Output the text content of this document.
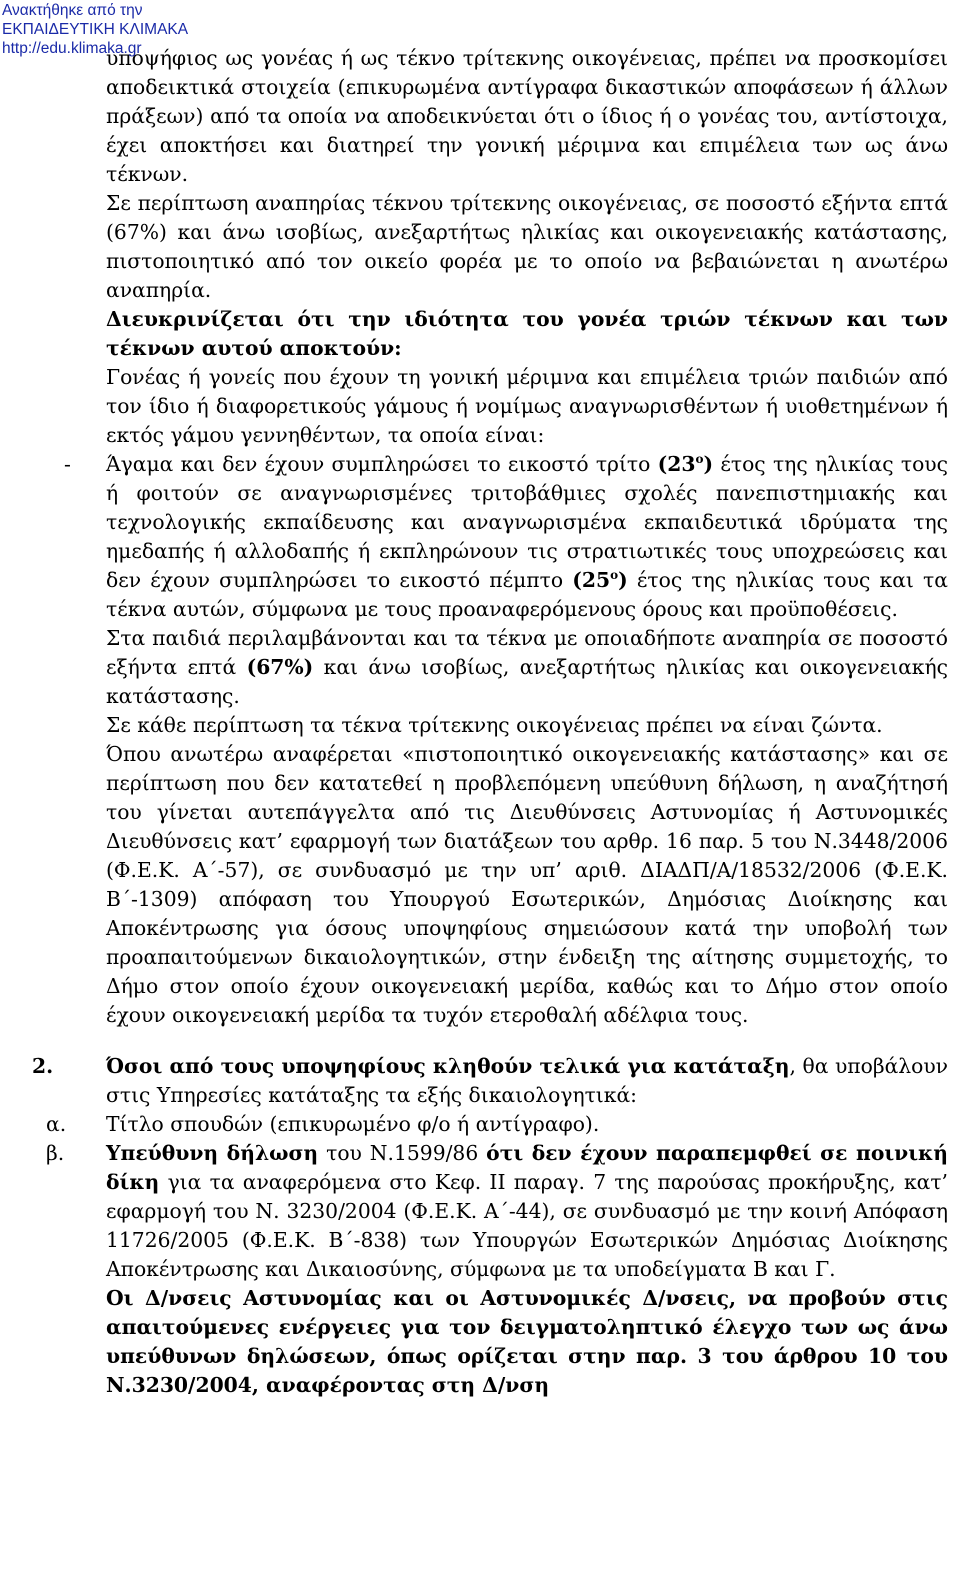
Ανακτήθηκε από την
ΕΚΠΑΙΔΕΥΤΙΚΗ ΚΛΙΜΑΚΑ
http://edu.klimaka.gr

υποψήφιος ως γονέας ή ως τέκνο τρίτεκνης οικογένειας, πρέπει να προσκομίσει αποδεικτικά στοιχεία (επικυρωμένα αντίγραφα δικαστικών αποφάσεων ή άλλων πράξεων) από τα οποία να αποδεικνύεται ότι ο ίδιος ή ο γονέας του, αντίστοιχα, έχει αποκτήσει και διατηρεί την γονική μέριμνα και επιμέλεια των ως άνω τέκνων.

Σε περίπτωση αναπηρίας τέκνου τρίτεκνης οικογένειας, σε ποσοστό εξήντα επτά (67%) και άνω ισοβίως, ανεξαρτήτως ηλικίας και οικογενειακής κατάστασης, πιστοποιητικό από τον οικείο φορέα με το οποίο να βεβαιώνεται η ανωτέρω αναπηρία.

Διευκρινίζεται ότι την ιδιότητα του γονέα τριών τέκνων και των τέκνων αυτού αποκτούν:

Γονέας ή γονείς που έχουν τη γονική μέριμνα και επιμέλεια τριών παιδιών από τον ίδιο ή διαφορετικούς γάμους ή νομίμως αναγνωρισθέντων ή υιοθετημένων ή εκτός γάμου γεννηθέντων, τα οποία είναι:

-	Άγαμα και δεν έχουν συμπληρώσει το εικοστό τρίτο $(23^o)$ έτος της ηλικίας τους ή φοιτούν σε αναγνωρισμένες τριτοβάθμιες σχολές πανεπιστημιακής και τεχνολογικής εκπαίδευσης και αναγνωρισμένα εκπαιδευτικά ιδρύματα της ημεδαπής ή αλλοδαπής ή εκπληρώνουν τις στρατιωτικές τους υποχρεώσεις και δεν έχουν συμπληρώσει το εικοστό πέμπτο $(25^o)$ έτος της ηλικίας τους και τα τέκνα αυτών, σύμφωνα με τους προαναφερόμενους όρους και προϋποθέσεις.

Στα παιδιά περιλαμβάνονται και τα τέκνα με οποιαδήποτε αναπηρία σε ποσοστό εξήντα επτά (67%) και άνω ισοβίως, ανεξαρτήτως ηλικίας και οικογενειακής κατάστασης.

Σε κάθε περίπτωση τα τέκνα τρίτεκνης οικογένειας πρέπει να είναι ζώντα.

Όπου ανωτέρω αναφέρεται «πιστοποιητικό οικογενειακής κατάστασης» και σε περίπτωση που δεν κατατεθεί η προβλεπόμενη υπεύθυνη δήλωση, η αναζήτησή του γίνεται αυτεπάγγελτα από τις Διευθύνσεις Αστυνομίας ή Αστυνομικές Διευθύνσεις κατ’ εφαρμογή των διατάξεων του αρθρ. 16 παρ. 5 του Ν.3448/2006 (Φ.Ε.Κ. Α΄-57), σε συνδυασμό με την υπ’ αριθ. ΔΙΑΔΠ/Α/18532/2006 (Φ.Ε.Κ. Β΄-1309) απόφαση του Υπουργού Εσωτερικών, Δημόσιας Διοίκησης και Αποκέντρωσης για όσους υποψηφίους σημειώσουν κατά την υποβολή των προαπαιτούμενων δικαιολογητικών, στην ένδειξη της αίτησης συμμετοχής, το Δήμο στον οποίο έχουν οικογενειακή μερίδα, καθώς και το Δήμο στον οποίο έχουν οικογενειακή μερίδα τα τυχόν ετεροθαλή αδέλφια τους.

2.	Όσοι από τους υποψηφίους κληθούν τελικά για κατάταξη, θα υποβάλουν στις Υπηρεσίες κατάταξης τα εξής δικαιολογητικά:
α.	Τίτλο σπουδών (επικυρωμένο φ/ο ή αντίγραφο).
β.	Υπεύθυνη δήλωση του Ν.1599/86 ότι δεν έχουν παραπεμφθεί σε ποινική δίκη για τα αναφερόμενα στο Κεφ. ΙΙ παραγ. 7 της παρούσας προκήρυξης, κατ’ εφαρμογή του Ν. 3230/2004 (Φ.Ε.Κ. Α΄-44), σε συνδυασμό με την κοινή Απόφαση 11726/2005 (Φ.Ε.Κ. Β΄-838) των Υπουργών Εσωτερικών Δημόσιας Διοίκησης Αποκέντρωσης και Δικαιοσύνης, σύμφωνα με τα υποδείγματα Β και Γ.

Οι Δ/νσεις Αστυνομίας και οι Αστυνομικές Δ/νσεις, να προβούν στις απαιτούμενες ενέργειες για τον δειγματοληπτικό έλεγχο των ως άνω υπεύθυνων δηλώσεων, όπως ορίζεται στην παρ. 3 του άρθρου 10 του Ν.3230/2004, αναφέροντας στη Δ/νση
